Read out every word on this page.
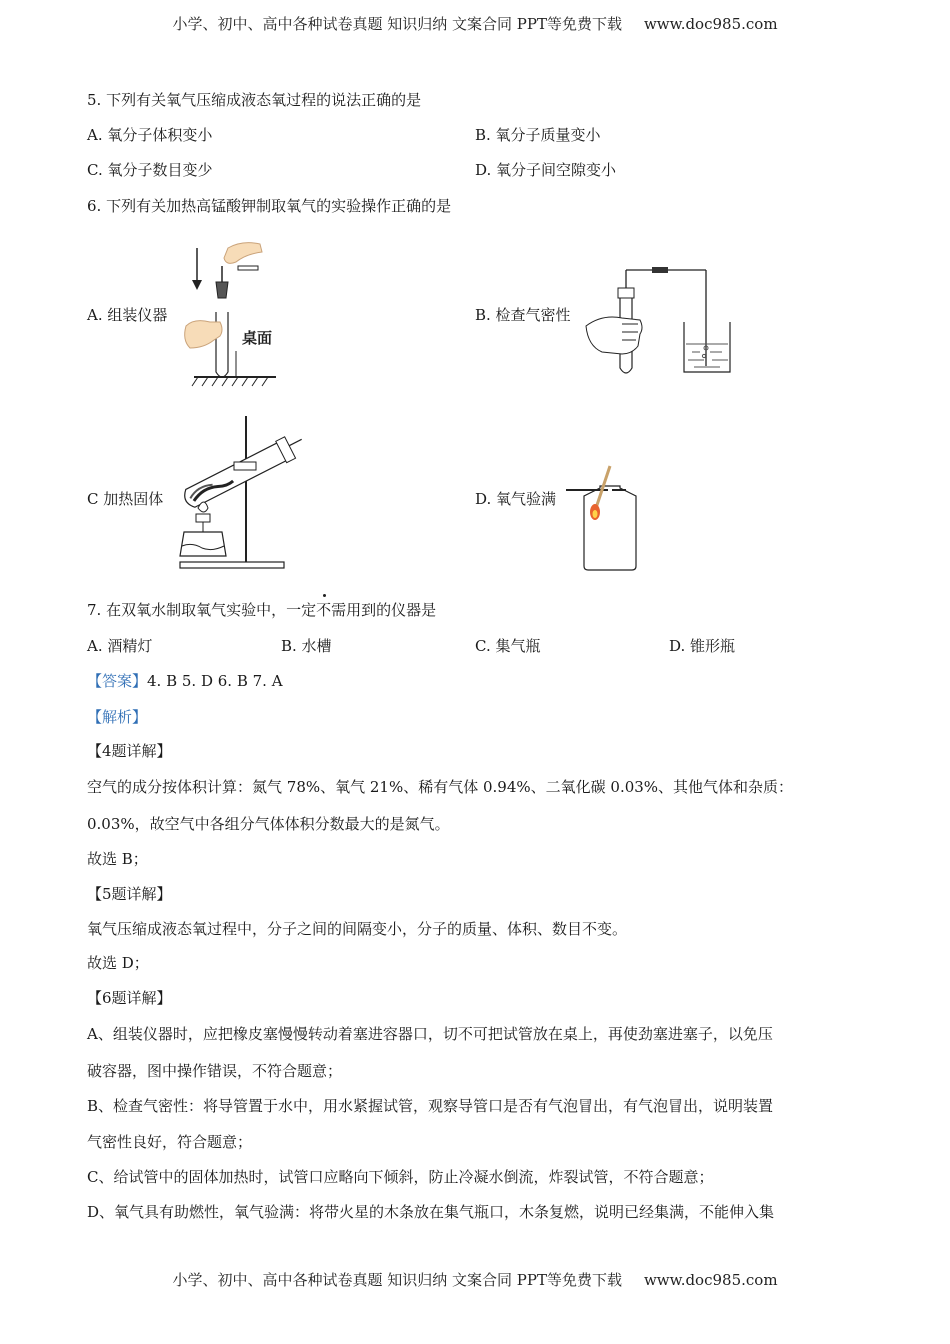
小学、初中、高中各种试卷真题 知识归纳 文案合同 PPT等免费下载 www.doc985.com
5. 下列有关氧气压缩成液态氧过程的说法正确的是
A. 氧分子体积变小	B. 氧分子质量变小
C. 氧分子数目变少	D. 氧分子间空隙变小
6. 下列有关加热高锰酸钾制取氧气的实验操作正确的是
A. 组装仪器	B. 检查气密性
C 加热固体	D. 氧气验满
桌面
7. 在双氧水制取氧气实验中，一定不需用到的仪器是
A. 酒精灯	B. 水槽	C. 集气瓶	D. 锥形瓶
【答案】4. B 5. D 6. B 7. A
【解析】
【4题详解】
空气的成分按体积计算：氮气 78%、氧气 21%、稀有气体 0.94%、二氧化碳 0.03%、其他气体和杂质：
0.03%，故空气中各组分气体体积分数最大的是氮气。
故选 B；
【5题详解】
氧气压缩成液态氧过程中，分子之间的间隔变小，分子的质量、体积、数目不变。
故选 D；
【6题详解】
A、组装仪器时，应把橡皮塞慢慢转动着塞进容器口，切不可把试管放在桌上，再使劲塞进塞子，以免压
破容器，图中操作错误，不符合题意；
B、检查气密性：将导管置于水中，用水紧握试管，观察导管口是否有气泡冒出，有气泡冒出，说明装置
气密性良好，符合题意；
C、给试管中的固体加热时，试管口应略向下倾斜，防止冷凝水倒流，炸裂试管，不符合题意；
D、氧气具有助燃性，氧气验满：将带火星的木条放在集气瓶口，木条复燃，说明已经集满，不能伸入集
小学、初中、高中各种试卷真题 知识归纳 文案合同 PPT等免费下载 www.doc985.com
